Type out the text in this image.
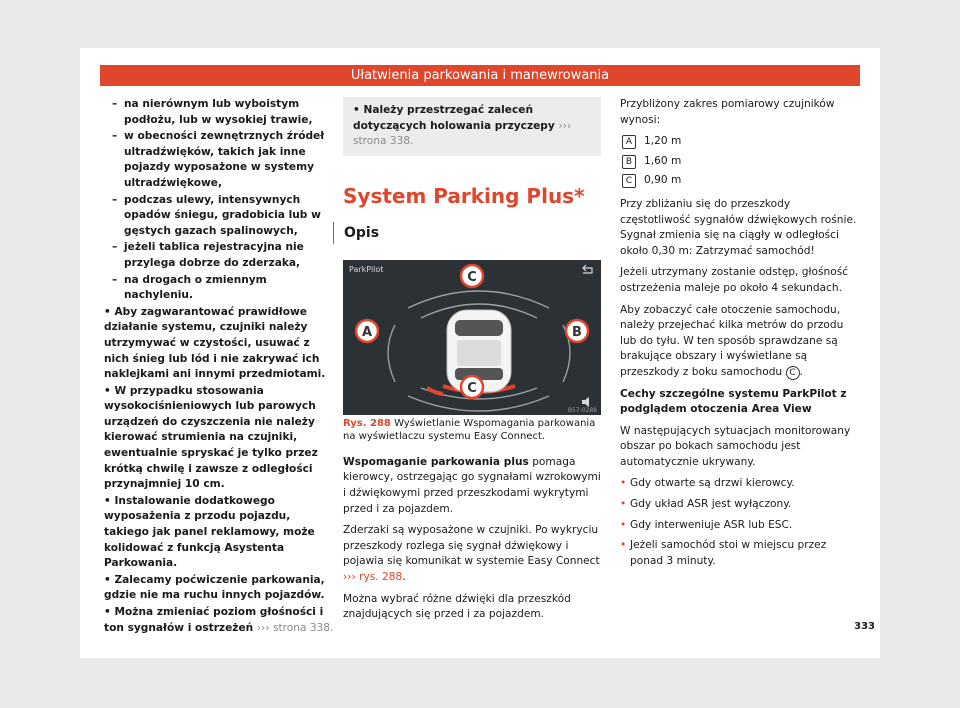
Ułatwienia parkowania i manewrowania
– na nierównym lub wyboistym podłożu, lub w wysokiej trawie,
– w obecności zewnętrznych źródeł ultradźwięków, takich jak inne pojazdy wyposażone w systemy ultradźwiękowe,
– podczas ulewy, intensywnych opadów śniegu, gradobicia lub w gęstych gazach spalinowych,
– jeżeli tablica rejestracyjna nie przylega dobrze do zderzaka,
– na drogach o zmiennym nachyleniu.
• Aby zagwarantować prawidłowe działanie systemu, czujniki należy utrzymywać w czystości, usuwać z nich śnieg lub lód i nie zakrywać ich naklejkami ani innymi przedmiotami.
• W przypadku stosowania wysokociśnieniowych lub parowych urządzeń do czyszczenia nie należy kierować strumienia na czujniki, ewentualnie spryskać je tylko przez krótką chwilę i zawsze z odległości przynajmniej 10 cm.
• Instalowanie dodatkowego wyposażenia z przodu pojazdu, takiego jak panel reklamowy, może kolidować z funkcją Asystenta Parkowania.
• Zalecamy poćwiczenie parkowania, gdzie nie ma ruchu innych pojazdów.
• Można zmieniać poziom głośności i ton sygnałów i ostrzeżeń ››› strona 338.
• Należy przestrzegać zaleceń dotyczących holowania przyczepy ››› strona 338.
System Parking Plus*
Opis
ParkPilot
C
A	B
C
B57-0288
Rys. 288 Wyświetlanie Wspomagania parkowania na wyświetlaczu systemu Easy Connect.

Wspomaganie parkowania plus pomaga kierowcy, ostrzegając go sygnałami wzrokowymi i dźwiękowymi przed przeszkodami wykrytymi przed i za pojazdem.

Zderzaki są wyposażone w czujniki. Po wykryciu przeszkody rozlega się sygnał dźwiękowy i pojawia się komunikat w systemie Easy Connect ››› rys. 288.

Można wybrać różne dźwięki dla przeszkód znajdujących się przed i za pojazdem.

Przybliżony zakres pomiarowy czujników wynosi:

A	1,20 m
B	1,60 m
C	0,90 m

Przy zbliżaniu się do przeszkody częstotliwość sygnałów dźwiękowych rośnie. Sygnał zmienia się na ciągły w odległości około 0,30 m: Zatrzymać samochód!

Jeżeli utrzymany zostanie odstęp, głośność ostrzeżenia maleje po około 4 sekundach.

Aby zobaczyć całe otoczenie samochodu, należy przejechać kilka metrów do przodu lub do tyłu. W ten sposób sprawdzane są brakujące obszary i wyświetlane są przeszkody z boku samochodu C .

Cechy szczególne systemu ParkPilot z podglądem otoczenia Area View

W następujących sytuacjach monitorowany obszar po bokach samochodu jest automatycznie ukrywany.

• Gdy otwarte są drzwi kierowcy.
• Gdy układ ASR jest wyłączony.
• Gdy interweniuje ASR lub ESC.
• Jeżeli samochód stoi w miejscu przez ponad 3 minuty.
333
